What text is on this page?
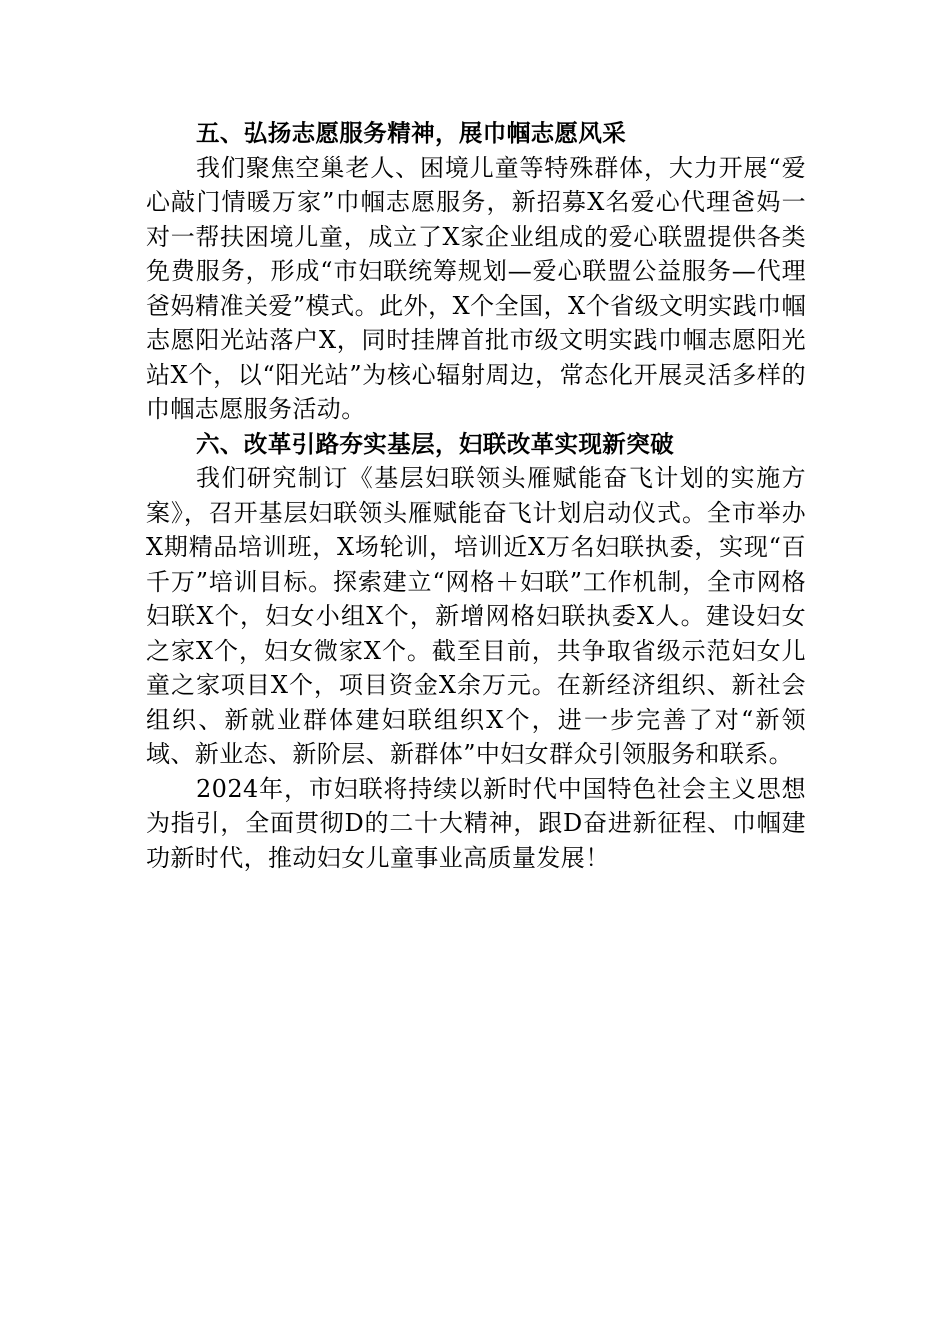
五、弘扬志愿服务精神，展巾帼志愿风采

我们聚焦空巢老人、困境儿童等特殊群体，大力开展“爱心敲门情暖万家”巾帼志愿服务，新招募X名爱心代理爸妈一对一帮扶困境儿童，成立了X家企业组成的爱心联盟提供各类免费服务，形成“市妇联统筹规划—爱心联盟公益服务—代理爸妈精准关爱”模式。此外，X个全国，X个省级文明实践巾帼志愿阳光站落户X，同时挂牌首批市级文明实践巾帼志愿阳光站X个，以“阳光站”为核心辐射周边，常态化开展灵活多样的巾帼志愿服务活动。

六、改革引路夯实基层，妇联改革实现新突破

我们研究制订《基层妇联领头雁赋能奋飞计划的实施方案》，召开基层妇联领头雁赋能奋飞计划启动仪式。全市举办X期精品培训班，X场轮训，培训近X万名妇联执委，实现“百千万”培训目标。探索建立“网格＋妇联”工作机制，全市网格妇联X个，妇女小组X个，新增网格妇联执委X人。建设妇女之家X个，妇女微家X个。截至目前，共争取省级示范妇女儿童之家项目X个，项目资金X余万元。在新经济组织、新社会组织、新就业群体建妇联组织X个，进一步完善了对“新领域、新业态、新阶层、新群体”中妇女群众引领服务和联系。

2024年，市妇联将持续以新时代中国特色社会主义思想为指引，全面贯彻D的二十大精神，跟D奋进新征程、巾帼建功新时代，推动妇女儿童事业高质量发展！
